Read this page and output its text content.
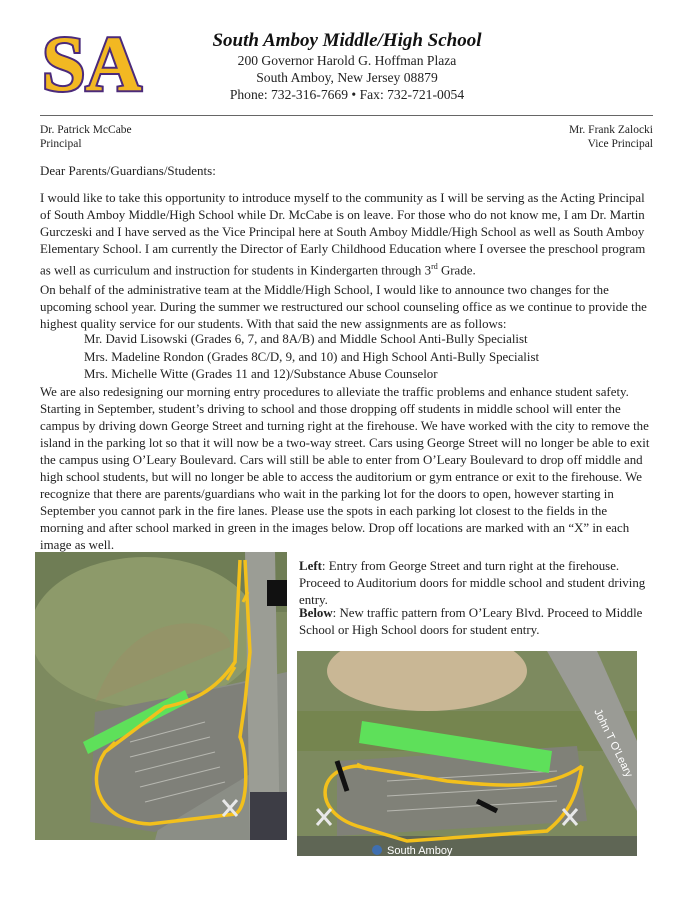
SA	South Amboy Middle/High School
200 Governor Harold G. Hoffman Plaza
South Amboy, New Jersey 08879
Phone: 732-316-7669 • Fax: 732-721-0054
Dr. Patrick McCabe
Principal
Mr. Frank Zalocki
Vice Principal
Dear Parents/Guardians/Students:

I would like to take this opportunity to introduce myself to the community as I will be serving as the Acting Principal of South Amboy Middle/High School while Dr. McCabe is on leave. For those who do not know me, I am Dr. Martin Gurczeski and I have served as the Vice Principal here at South Amboy Middle/High School as well as South Amboy Elementary School. I am currently the Director of Early Childhood Education where I oversee the preschool program as well as curriculum and instruction for students in Kindergarten through 3rd Grade.

On behalf of the administrative team at the Middle/High School, I would like to announce two changes for the upcoming school year. During the summer we restructured our school counseling office as we continue to provide the highest quality service for our students. With that said the new assignments are as follows:

Mr. David Lisowski (Grades 6, 7, and 8A/B) and Middle School Anti-Bully Specialist
Mrs. Madeline Rondon (Grades 8C/D, 9, and 10) and High School Anti-Bully Specialist
Mrs. Michelle Witte (Grades 11 and 12)/Substance Abuse Counselor

We are also redesigning our morning entry procedures to alleviate the traffic problems and enhance student safety. Starting in September, student’s driving to school and those dropping off students in middle school will enter the campus by driving down George Street and turning right at the firehouse. We have worked with the city to remove the island in the parking lot so that it will now be a two-way street. Cars using George Street will no longer be able to exit the campus using O’Leary Boulevard. Cars will still be able to enter from O’Leary Boulevard to drop off middle and high school students, but will no longer be able to access the auditorium or gym entrance or exit to the firehouse. We recognize that there are parents/guardians who wait in the parking lot for the doors to open, however starting in September you cannot park in the fire lanes. Please use the spots in each parking lot closest to the fields in the morning and after school marked in green in the images below. Drop off locations are marked with an “X” in each image as well.

Left: Entry from George Street and turn right at the firehouse. Proceed to Auditorium doors for middle school and student driving entry.
Below: New traffic pattern from O’Leary Blvd. Proceed to Middle School or High School doors for student entry.
John T O'Leary
South Amboy
